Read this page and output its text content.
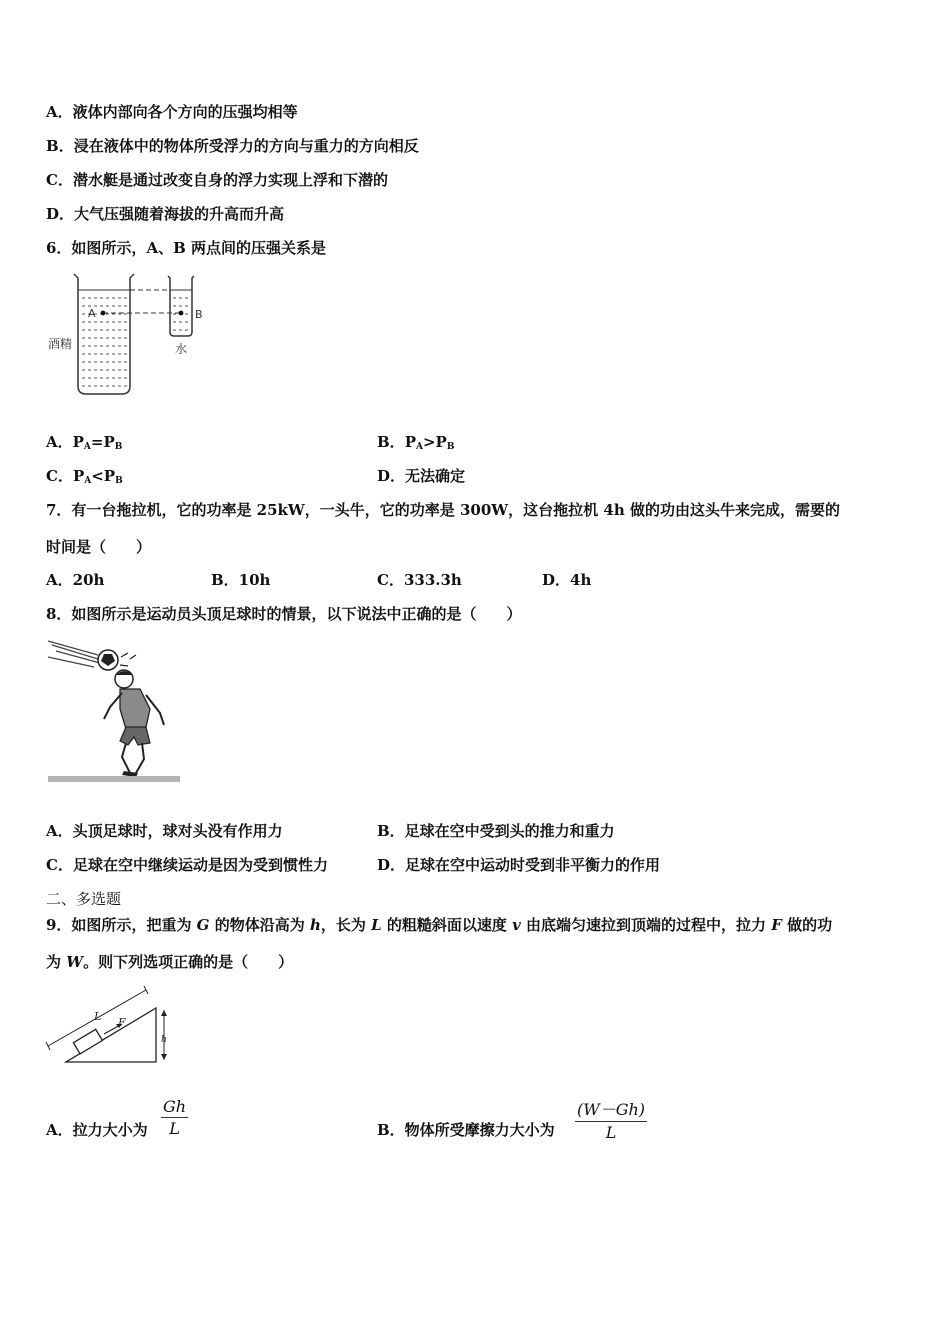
A．液体内部向各个方向的压强均相等
B．浸在液体中的物体所受浮力的方向与重力的方向相反
C．潜水艇是通过改变自身的浮力实现上浮和下潜的
D．大气压强随着海拔的升高而升高
6．如图所示，A、B 两点间的压强关系是
A	B
酒精	水
A．$P_A=P_B$	B．$P_A>P_B$
C．$P_A<P_B$	D．无法确定
7．有一台拖拉机，它的功率是 25kW，一头牛，它的功率是 300W，这台拖拉机 4h 做的功由这头牛来完成，需要的
时间是（　　）
A．20h	B．10h	C．333.3h	D．4h
8．如图所示是运动员头顶足球时的情景，以下说法中正确的是（　　）
A．头顶足球时，球对头没有作用力	B．足球在空中受到头的推力和重力
C．足球在空中继续运动是因为受到惯性力	D．足球在空中运动时受到非平衡力的作用
二、多选题
9．如图所示，把重为 G 的物体沿高为 h，长为 L 的粗糙斜面以速度 v 由底端匀速拉到顶端的过程中，拉力 F 做的功
为 W。则下列选项正确的是（　　）
F
L
h
A．拉力大小为 $\frac{Gh}{L}$	B．物体所受摩擦力大小为 $\frac{(W-Gh)}{L}$
